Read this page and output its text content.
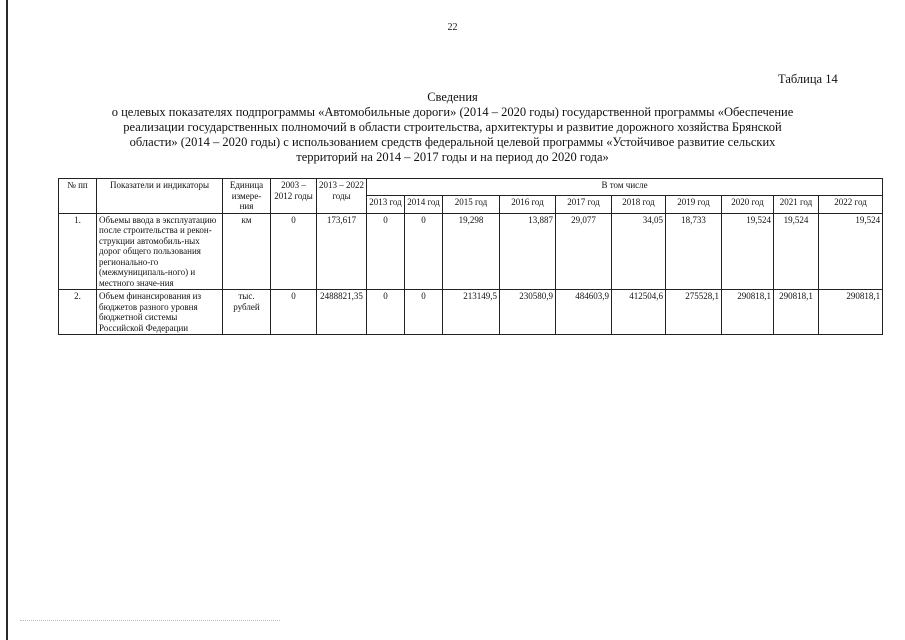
22
Таблица 14
Сведения
о целевых показателях подпрограммы «Автомобильные дороги» (2014 – 2020 годы) государственной программы «Обеспечение
реализации государственных полномочий в области строительства, архитектуры и развитие дорожного хозяйства Брянской
области» (2014 – 2020 годы) с использованием средств федеральной целевой программы «Устойчивое развитие сельских
территорий на 2014 – 2017 годы и на период до 2020 года»
№ пп	Показатели и индикаторы	Единица измере-ния	2003 – 2012 годы	2013 – 2022 годы	В том числе									
					2013 год	2014 год	2015 год	2016 год	2017 год	2018 год	2019 год	2020 год	2021 год	2022 год
1.	Объемы ввода в эксплуатацию после строительства и рекон-струкции автомобиль-ных дорог общего пользования регионально-го (межмуниципаль-ного) и местного значе-ния	км	0	173,617	0	0	19,298	13,887	29,077	34,05	18,733	19,524	19,524	19,524
2.	Объем финансирования из бюджетов разного уровня бюджетной системы Российской Федерации	тыс. рублей	0	2488821,35	0	0	213149,5	230580,9	484603,9	412504,6	275528,1	290818,1	290818,1	290818,1
